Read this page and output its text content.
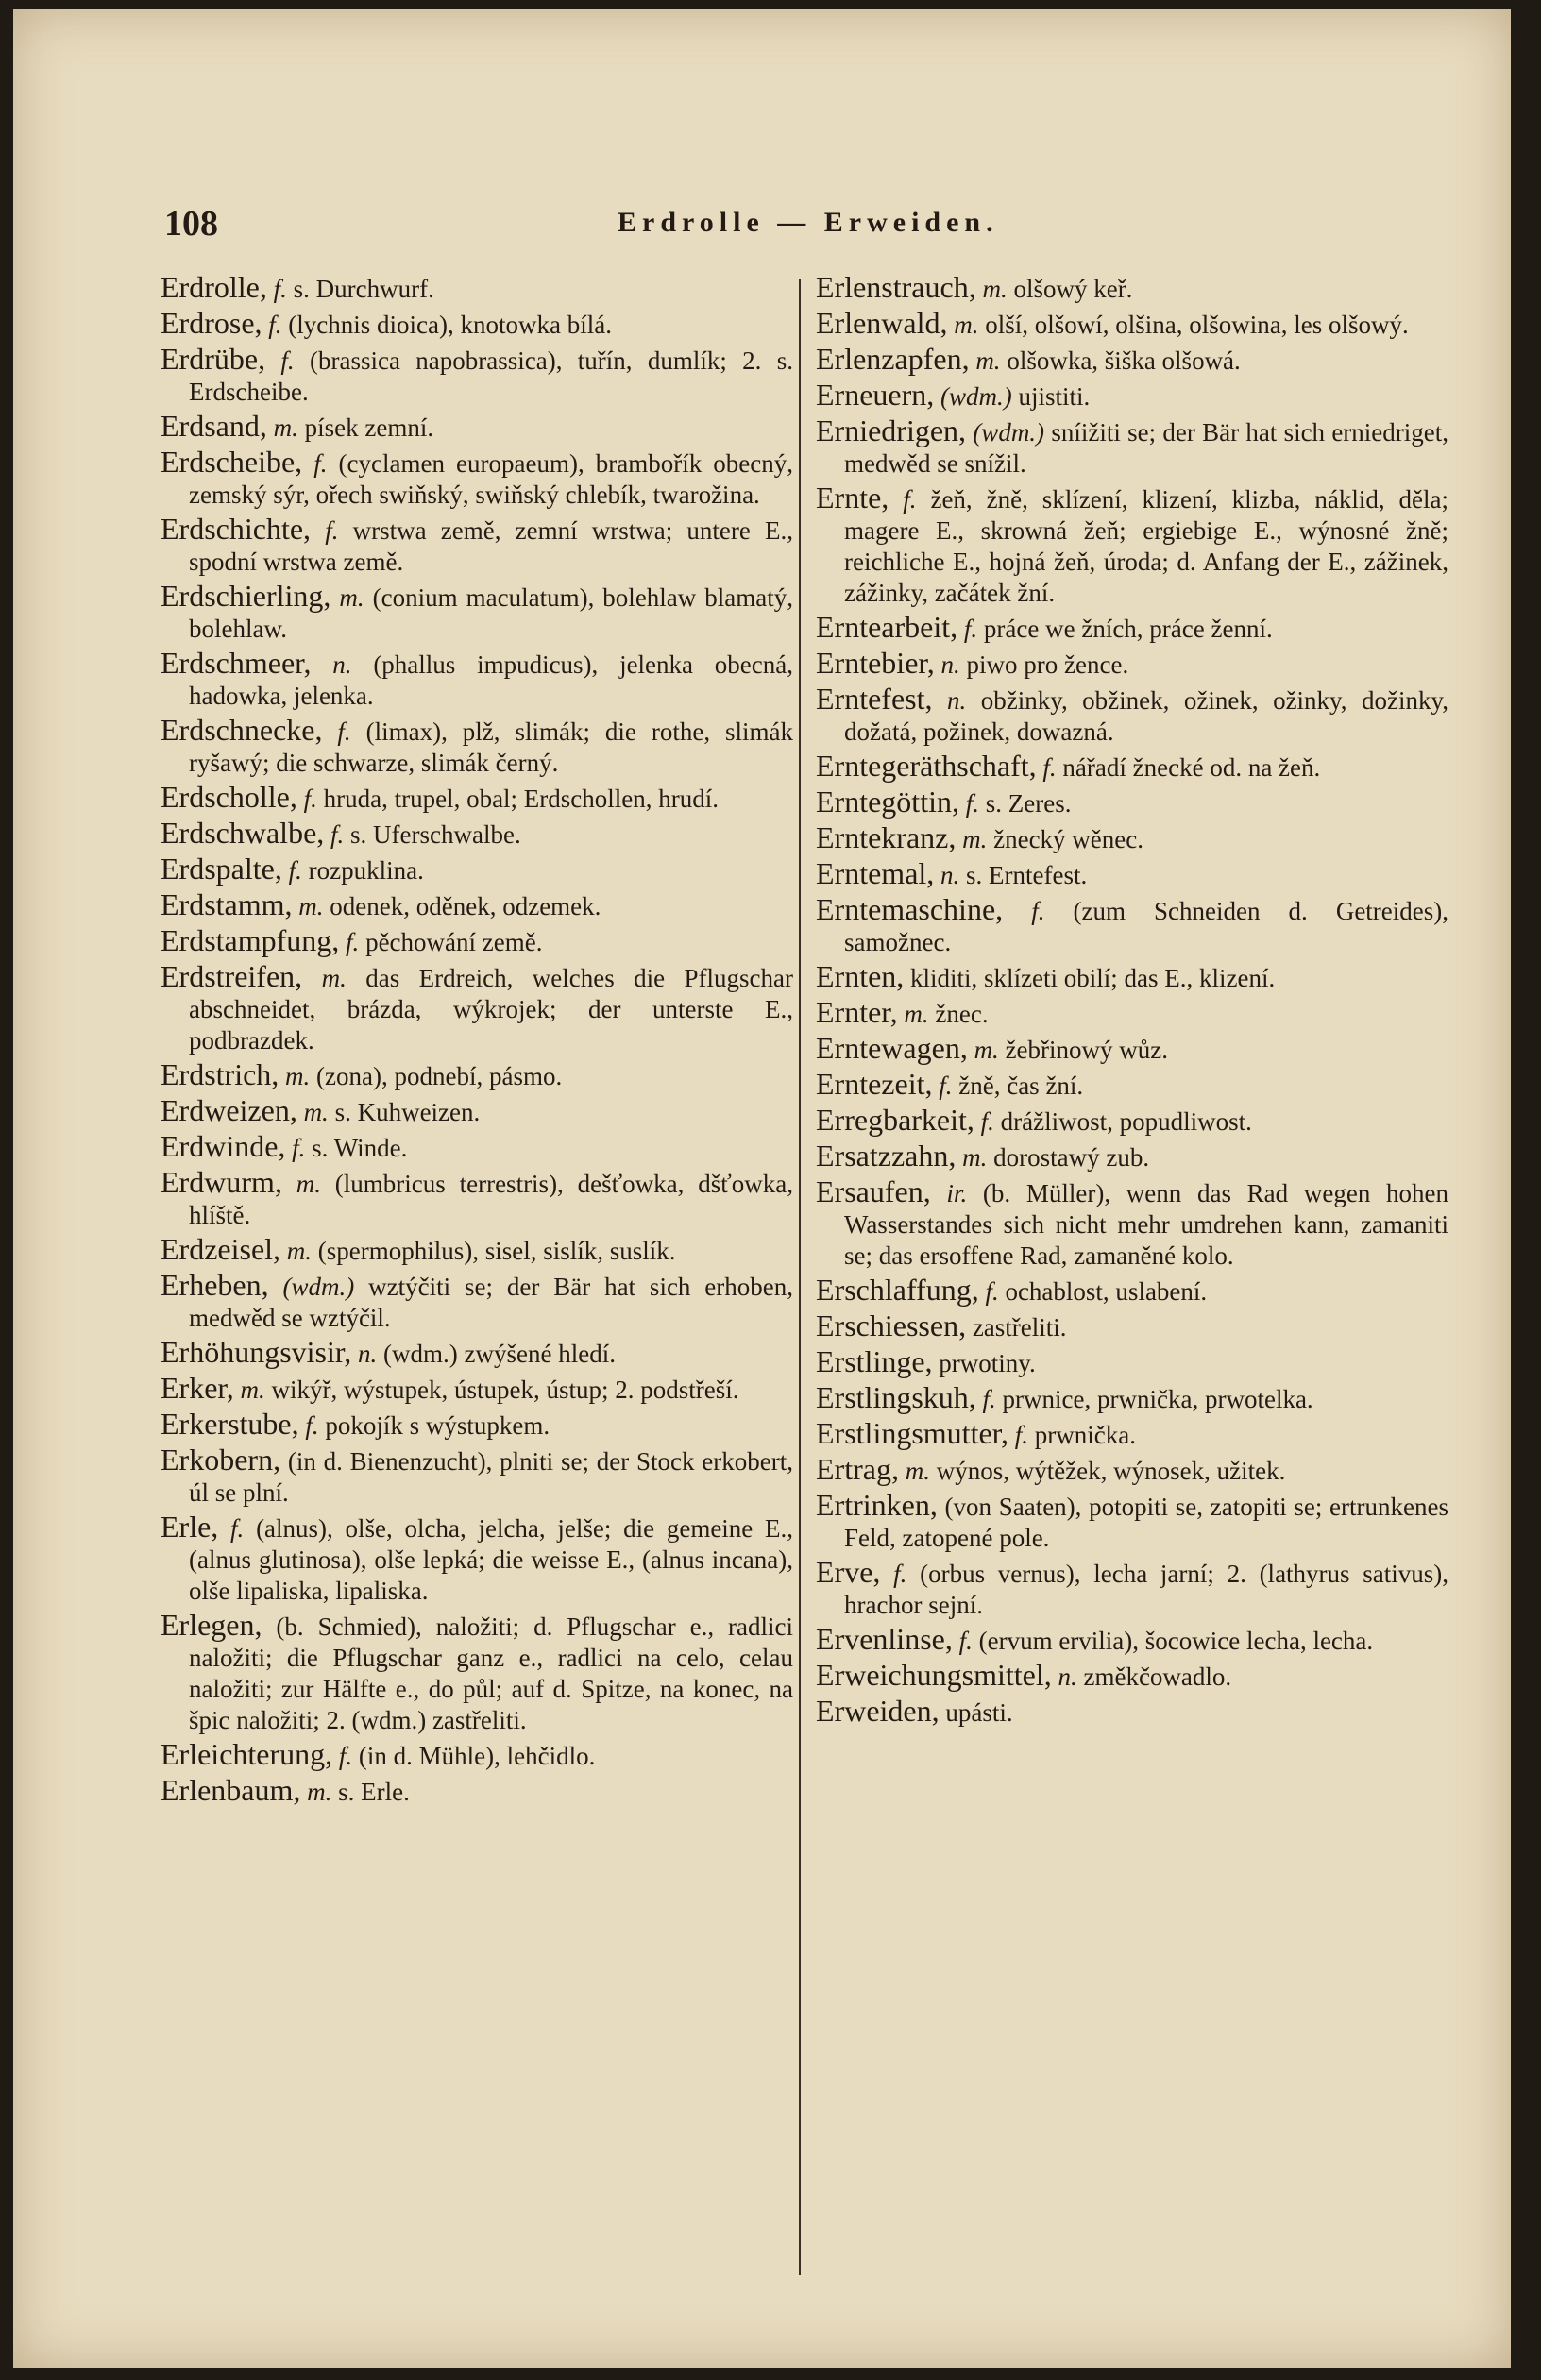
108	Erdrolle — Erweiden.
Erdrolle, f. s. Durchwurf.
Erdrose, f. (lychnis dioica), knotowka bílá.
Erdrübe, f. (brassica napobrassica), tuřín, dumlík; 2. s. Erdscheibe.
Erdsand, m. písek zemní.
Erdscheibe, f. (cyclamen europaeum), brambořík obecný, zemský sýr, ořech swiňský, swiňský chlebík, twarožina.
Erdschichte, f. wrstwa země, zemní wrstwa; untere E., spodní wrstwa země.
Erdschierling, m. (conium maculatum), bolehlaw blamatý, bolehlaw.
Erdschmeer, n. (phallus impudicus), jelenka obecná, hadowka, jelenka.
Erdschnecke, f. (limax), plž, slimák; die rothe, slimák ryšawý; die schwarze, slimák černý.
Erdscholle, f. hruda, trupel, obal; Erdschollen, hrudí.
Erdschwalbe, f. s. Uferschwalbe.
Erdspalte, f. rozpuklina.
Erdstamm, m. odenek, oděnek, odzemek.
Erdstampfung, f. pěchowání země.
Erdstreifen, m. das Erdreich, welches die Pflugschar abschneidet, brázda, wýkrojek; der unterste E., podbrazdek.
Erdstrich, m. (zona), podnebí, pásmo.
Erdweizen, m. s. Kuhweizen.
Erdwinde, f. s. Winde.
Erdwurm, m. (lumbricus terrestris), dešťowka, dšťowka, hlíště.
Erdzeisel, m. (spermophilus), sisel, sislík, suslík.
Erheben, (wdm.) wztýčiti se; der Bär hat sich erhoben, medwěd se wztýčil.
Erhöhungsvisir, n. (wdm.) zwýšené hledí.
Erker, m. wikýř, wýstupek, ústupek, ústup; 2. podstřeší.
Erkerstube, f. pokojík s wýstupkem.
Erkobern, (in d. Bienenzucht), plniti se; der Stock erkobert, úl se plní.
Erle, f. (alnus), olše, olcha, jelcha, jelše; die gemeine E., (alnus glutinosa), olše lepká; die weisse E., (alnus incana), olše lipaliska, lipaliska.
Erlegen, (b. Schmied), naložiti; d. Pflugschar e., radlici naložiti; die Pflugschar ganz e., radlici na celo, celau naložiti; zur Hälfte e., do půl; auf d. Spitze, na konec, na špic naložiti; 2. (wdm.) zastřeliti.
Erleichterung, f. (in d. Mühle), lehčidlo.
Erlenbaum, m. s. Erle.
Erlenstrauch, m. olšowý keř.
Erlenwald, m. olší, olšowí, olšina, olšowina, les olšowý.
Erlenzapfen, m. olšowka, šiška olšowá.
Erneuern, (wdm.) ujistiti.
Erniedrigen, (wdm.) sníižiti se; der Bär hat sich erniedriget, medwěd se snížil.
Ernte, f. žeň, žně, sklízení, klizení, klizba, náklid, děla; magere E., skrowná žeň; ergiebige E., wýnosné žně; reichliche E., hojná žeň, úroda; d. Anfang der E., zážinek, zážinky, začátek žní.
Erntearbeit, f. práce we žních, práce ženní.
Erntebier, n. piwo pro žence.
Erntefest, n. obžinky, obžinek, ožinek, ožinky, dožinky, dožatá, požinek, dowazná.
Erntegeräthschaft, f. nářadí žnecké od. na žeň.
Erntegöttin, f. s. Zeres.
Erntekranz, m. žnecký wěnec.
Erntemal, n. s. Erntefest.
Erntemaschine, f. (zum Schneiden d. Getreides), samožnec.
Ernten, kliditi, sklízeti obilí; das E., klizení.
Ernter, m. žnec.
Erntewagen, m. žebřinowý wůz.
Erntezeit, f. žně, čas žní.
Erregbarkeit, f. drážliwost, popudliwost.
Ersatzzahn, m. dorostawý zub.
Ersaufen, ir. (b. Müller), wenn das Rad wegen hohen Wasserstandes sich nicht mehr umdrehen kann, zamaniti se; das ersoffene Rad, zamaněné kolo.
Erschlaffung, f. ochablost, uslabení.
Erschiessen, zastřeliti.
Erstlinge, prwotiny.
Erstlingskuh, f. prwnice, prwnička, prwotelka.
Erstlingsmutter, f. prwnička.
Ertrag, m. wýnos, wýtěžek, wýnosek, užitek.
Ertrinken, (von Saaten), potopiti se, zatopiti se; ertrunkenes Feld, zatopené pole.
Erve, f. (orbus vernus), lecha jarní; 2. (lathyrus sativus), hrachor sejní.
Ervenlinse, f. (ervum ervilia), šocowice lecha, lecha.
Erweichungsmittel, n. změkčowadlo.
Erweiden, upásti.
